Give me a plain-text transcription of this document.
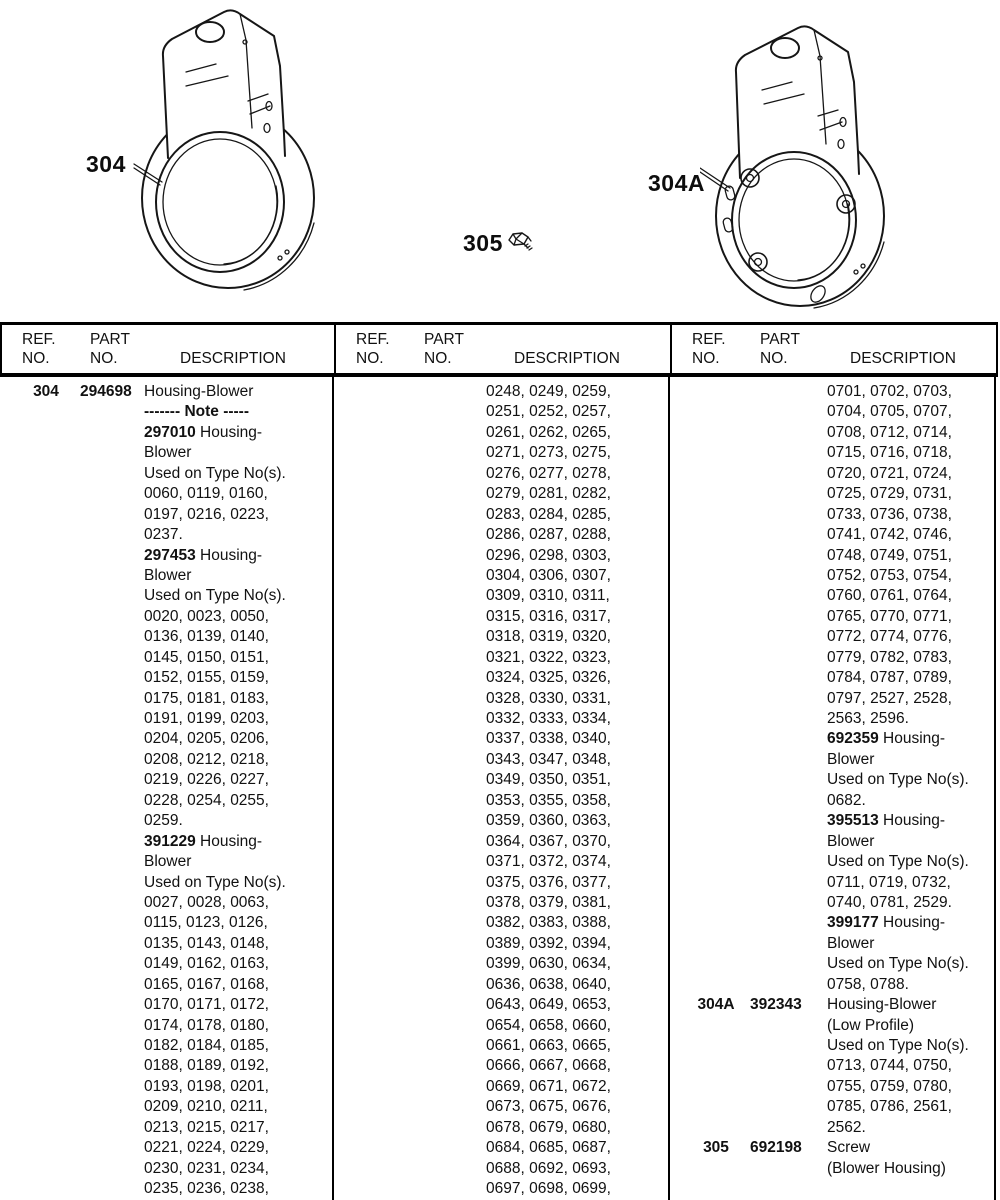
304
305
304A
REF.
NO.
PART
NO.	DESCRIPTION
REF.
NO.
PART
NO.	DESCRIPTION
REF.
NO.
PART
NO.	DESCRIPTION
304	294698 Housing-Blower
------- Note -----
297010 Housing-
Blower
Used on Type No(s).
0060, 0119, 0160,
0197, 0216, 0223,
0237.
297453 Housing-
Blower
Used on Type No(s).
0020, 0023, 0050,
0136, 0139, 0140,
0145, 0150, 0151,
0152, 0155, 0159,
0175, 0181, 0183,
0191, 0199, 0203,
0204, 0205, 0206,
0208, 0212, 0218,
0219, 0226, 0227,
0228, 0254, 0255,
0259.
391229 Housing-
Blower
Used on Type No(s).
0027, 0028, 0063,
0115, 0123, 0126,
0135, 0143, 0148,
0149, 0162, 0163,
0165, 0167, 0168,
0170, 0171, 0172,
0174, 0178, 0180,
0182, 0184, 0185,
0188, 0189, 0192,
0193, 0198, 0201,
0209, 0210, 0211,
0213, 0215, 0217,
0221, 0224, 0229,
0230, 0231, 0234,
0235, 0236, 0238,
0248, 0249, 0259,
0251, 0252, 0257,
0261, 0262, 0265,
0271, 0273, 0275,
0276, 0277, 0278,
0279, 0281, 0282,
0283, 0284, 0285,
0286, 0287, 0288,
0296, 0298, 0303,
0304, 0306, 0307,
0309, 0310, 0311,
0315, 0316, 0317,
0318, 0319, 0320,
0321, 0322, 0323,
0324, 0325, 0326,
0328, 0330, 0331,
0332, 0333, 0334,
0337, 0338, 0340,
0343, 0347, 0348,
0349, 0350, 0351,
0353, 0355, 0358,
0359, 0360, 0363,
0364, 0367, 0370,
0371, 0372, 0374,
0375, 0376, 0377,
0378, 0379, 0381,
0382, 0383, 0388,
0389, 0392, 0394,
0399, 0630, 0634,
0636, 0638, 0640,
0643, 0649, 0653,
0654, 0658, 0660,
0661, 0663, 0665,
0666, 0667, 0668,
0669, 0671, 0672,
0673, 0675, 0676,
0678, 0679, 0680,
0684, 0685, 0687,
0688, 0692, 0693,
0697, 0698, 0699,
0701, 0702, 0703,
0704, 0705, 0707,
0708, 0712, 0714,
0715, 0716, 0718,
0720, 0721, 0724,
0725, 0729, 0731,
0733, 0736, 0738,
0741, 0742, 0746,
0748, 0749, 0751,
0752, 0753, 0754,
0760, 0761, 0764,
0765, 0770, 0771,
0772, 0774, 0776,
0779, 0782, 0783,
0784, 0787, 0789,
0797, 2527, 2528,
2563, 2596.
692359 Housing-
Blower
Used on Type No(s).
0682.
395513 Housing-
Blower
Used on Type No(s).
0711, 0719, 0732,
0740, 0781, 2529.
399177 Housing-
Blower
Used on Type No(s).
0758, 0788.
304A 392343 Housing-Blower
(Low Profile)
Used on Type No(s).
0713, 0744, 0750,
0755, 0759, 0780,
0785, 0786, 2561,
2562.
305	692198 Screw
(Blower Housing)
